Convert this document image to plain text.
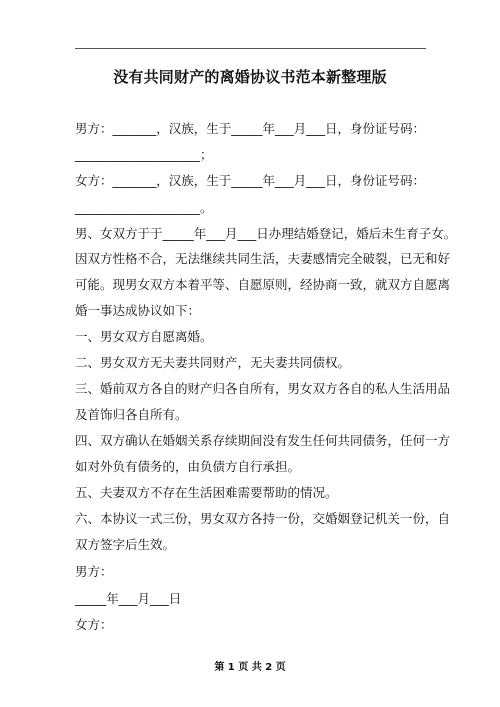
没有共同财产的离婚协议书范本新整理版
男方：_______，汉族，生于_____年___月___日，身份证号码：
____________________；
女方：_______，汉族，生于_____年___月___日，身份证号码：
____________________。
男、女双方于于_____年___月___日办理结婚登记，婚后未生育子女。
因双方性格不合，无法继续共同生活，夫妻感情完全破裂，已无和好
可能。现男女双方本着平等、自愿原则，经协商一致，就双方自愿离
婚一事达成协议如下：
一、男女双方自愿离婚。
二、男女双方无夫妻共同财产，无夫妻共同债权。
三、婚前双方各自的财产归各自所有，男女双方各自的私人生活用品
及首饰归各自所有。
四、双方确认在婚姻关系存续期间没有发生任何共同债务，任何一方
如对外负有债务的，由负债方自行承担。
五、夫妻双方不存在生活困难需要帮助的情况。
六、本协议一式三份，男女双方各持一份，交婚姻登记机关一份，自
双方签字后生效。
男方：
_____年___月___日
女方：
第 1 页 共 2 页
